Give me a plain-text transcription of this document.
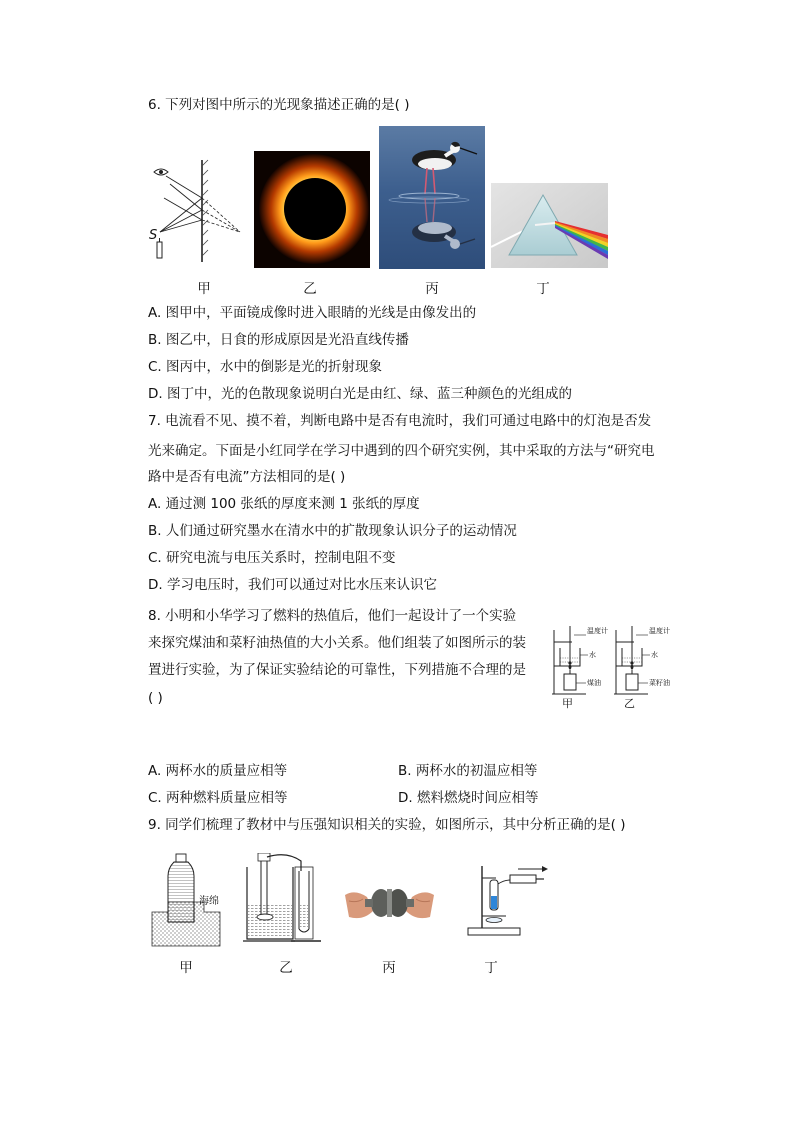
6. 下列对图中所示的光现象描述正确的是( )
S
甲	乙	丙	丁
A. 图甲中，平面镜成像时进入眼睛的光线是由像发出的
B. 图乙中，日食的形成原因是光沿直线传播
C. 图丙中，水中的倒影是光的折射现象
D. 图丁中，光的色散现象说明白光是由红、绿、蓝三种颜色的光组成的
7. 电流看不见、摸不着，判断电路中是否有电流时，我们可通过电路中的灯泡是否发
光来确定。下面是小红同学在学习中遇到的四个研究实例，其中采取的方法与“研究电
路中是否有电流”方法相同的是( )
A. 通过测 100 张纸的厚度来测 1 张纸的厚度
B. 人们通过研究墨水在清水中的扩散现象认识分子的运动情况
C. 研究电流与电压关系时，控制电阻不变
D. 学习电压时，我们可以通过对比水压来认识它
8. 小明和小华学习了燃料的热值后，他们一起设计了一个实验
来探究煤油和菜籽油热值的大小关系。他们组装了如图所示的装
置进行实验，为了保证实验结论的可靠性，下列措施不合理的是
( )
温度计
水
煤油
温度计
水
菜籽油
甲	乙
A. 两杯水的质量应相等	B. 两杯水的初温应相等
C. 两种燃料质量应相等	D. 燃料燃烧时间应相等
9. 同学们梳理了教材中与压强知识相关的实验，如图所示，其中分析正确的是( )
海绵
甲	乙	丙	丁
